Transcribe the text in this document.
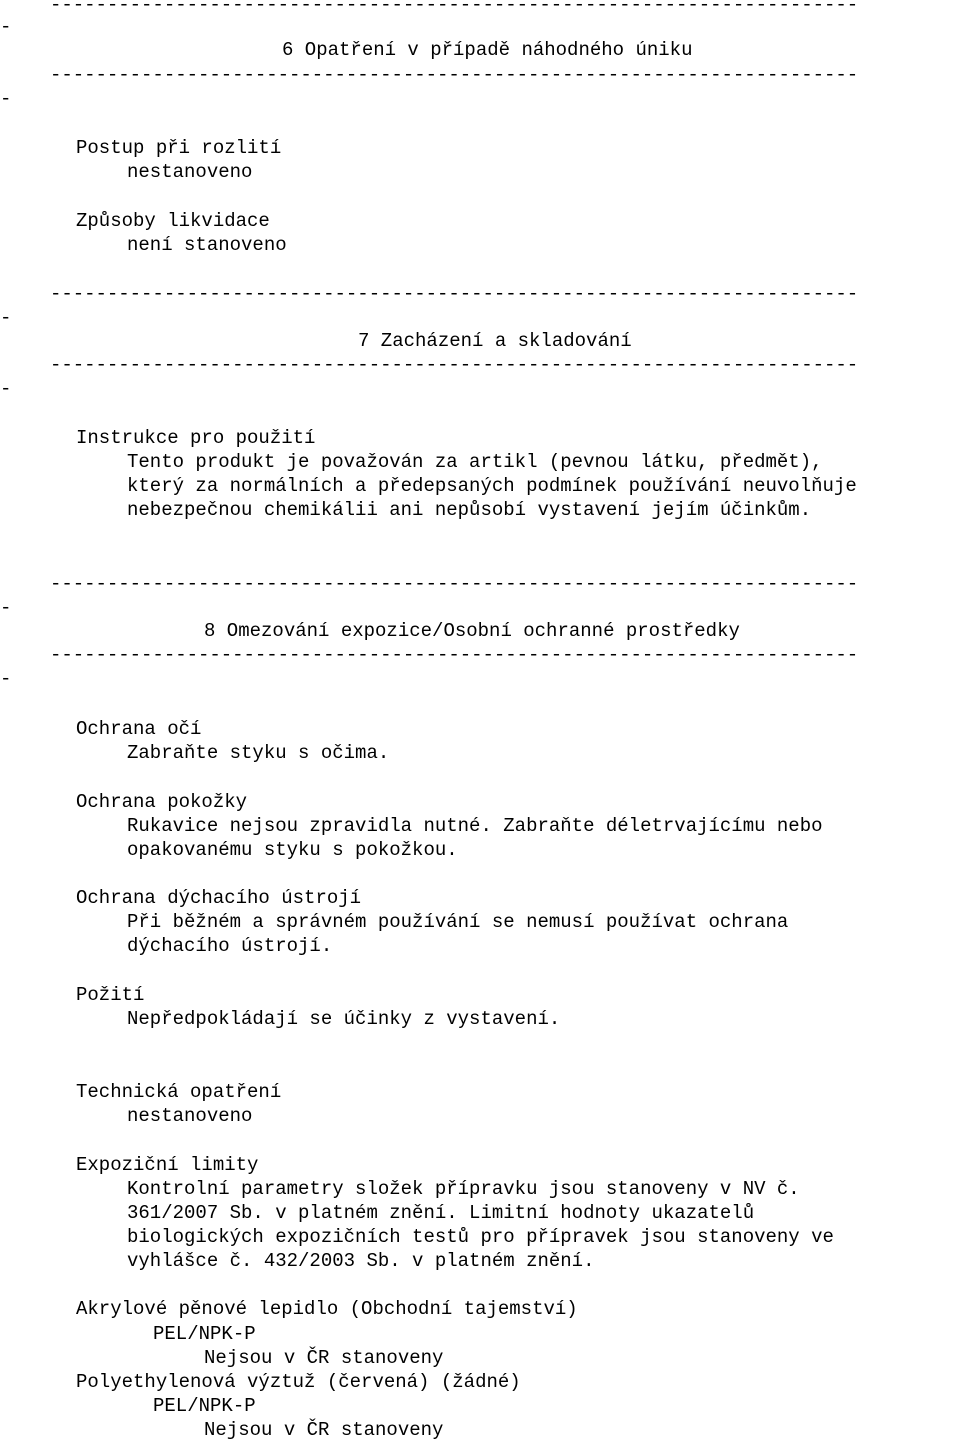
-----------------------------------------------------------------------
-
6 Opatření v případě náhodného úniku
-----------------------------------------------------------------------
-
Postup při rozlití
nestanoveno
Způsoby likvidace
není stanoveno
-----------------------------------------------------------------------
-
7 Zacházení a skladování
-----------------------------------------------------------------------
-
Instrukce pro použití
Tento produkt je považován za artikl (pevnou látku, předmět),
který za normálních a předepsaných podmínek používání neuvolňuje
nebezpečnou chemikálii ani nepůsobí vystavení jejím účinkům.
-----------------------------------------------------------------------
-
8 Omezování expozice/Osobní ochranné prostředky
-----------------------------------------------------------------------
-
Ochrana očí
Zabraňte styku s očima.
Ochrana pokožky
Rukavice nejsou zpravidla nutné. Zabraňte déletrvajícímu nebo
opakovanému styku s pokožkou.
Ochrana dýchacího ústrojí
Při běžném a správném používání se nemusí používat ochrana
dýchacího ústrojí.
Požití
Nepředpokládají se účinky z vystavení.
Technická opatření
nestanoveno
Expoziční limity
Kontrolní parametry složek přípravku jsou stanoveny v NV č.
361/2007 Sb. v platném znění. Limitní hodnoty ukazatelů
biologických expozičních testů pro přípravek jsou stanoveny ve
vyhlášce č. 432/2003 Sb. v platném znění.
Akrylové pěnové lepidlo (Obchodní tajemství)
PEL/NPK-P
Nejsou v ČR stanoveny
Polyethylenová výztuž (červená) (žádné)
PEL/NPK-P
Nejsou v ČR stanoveny
